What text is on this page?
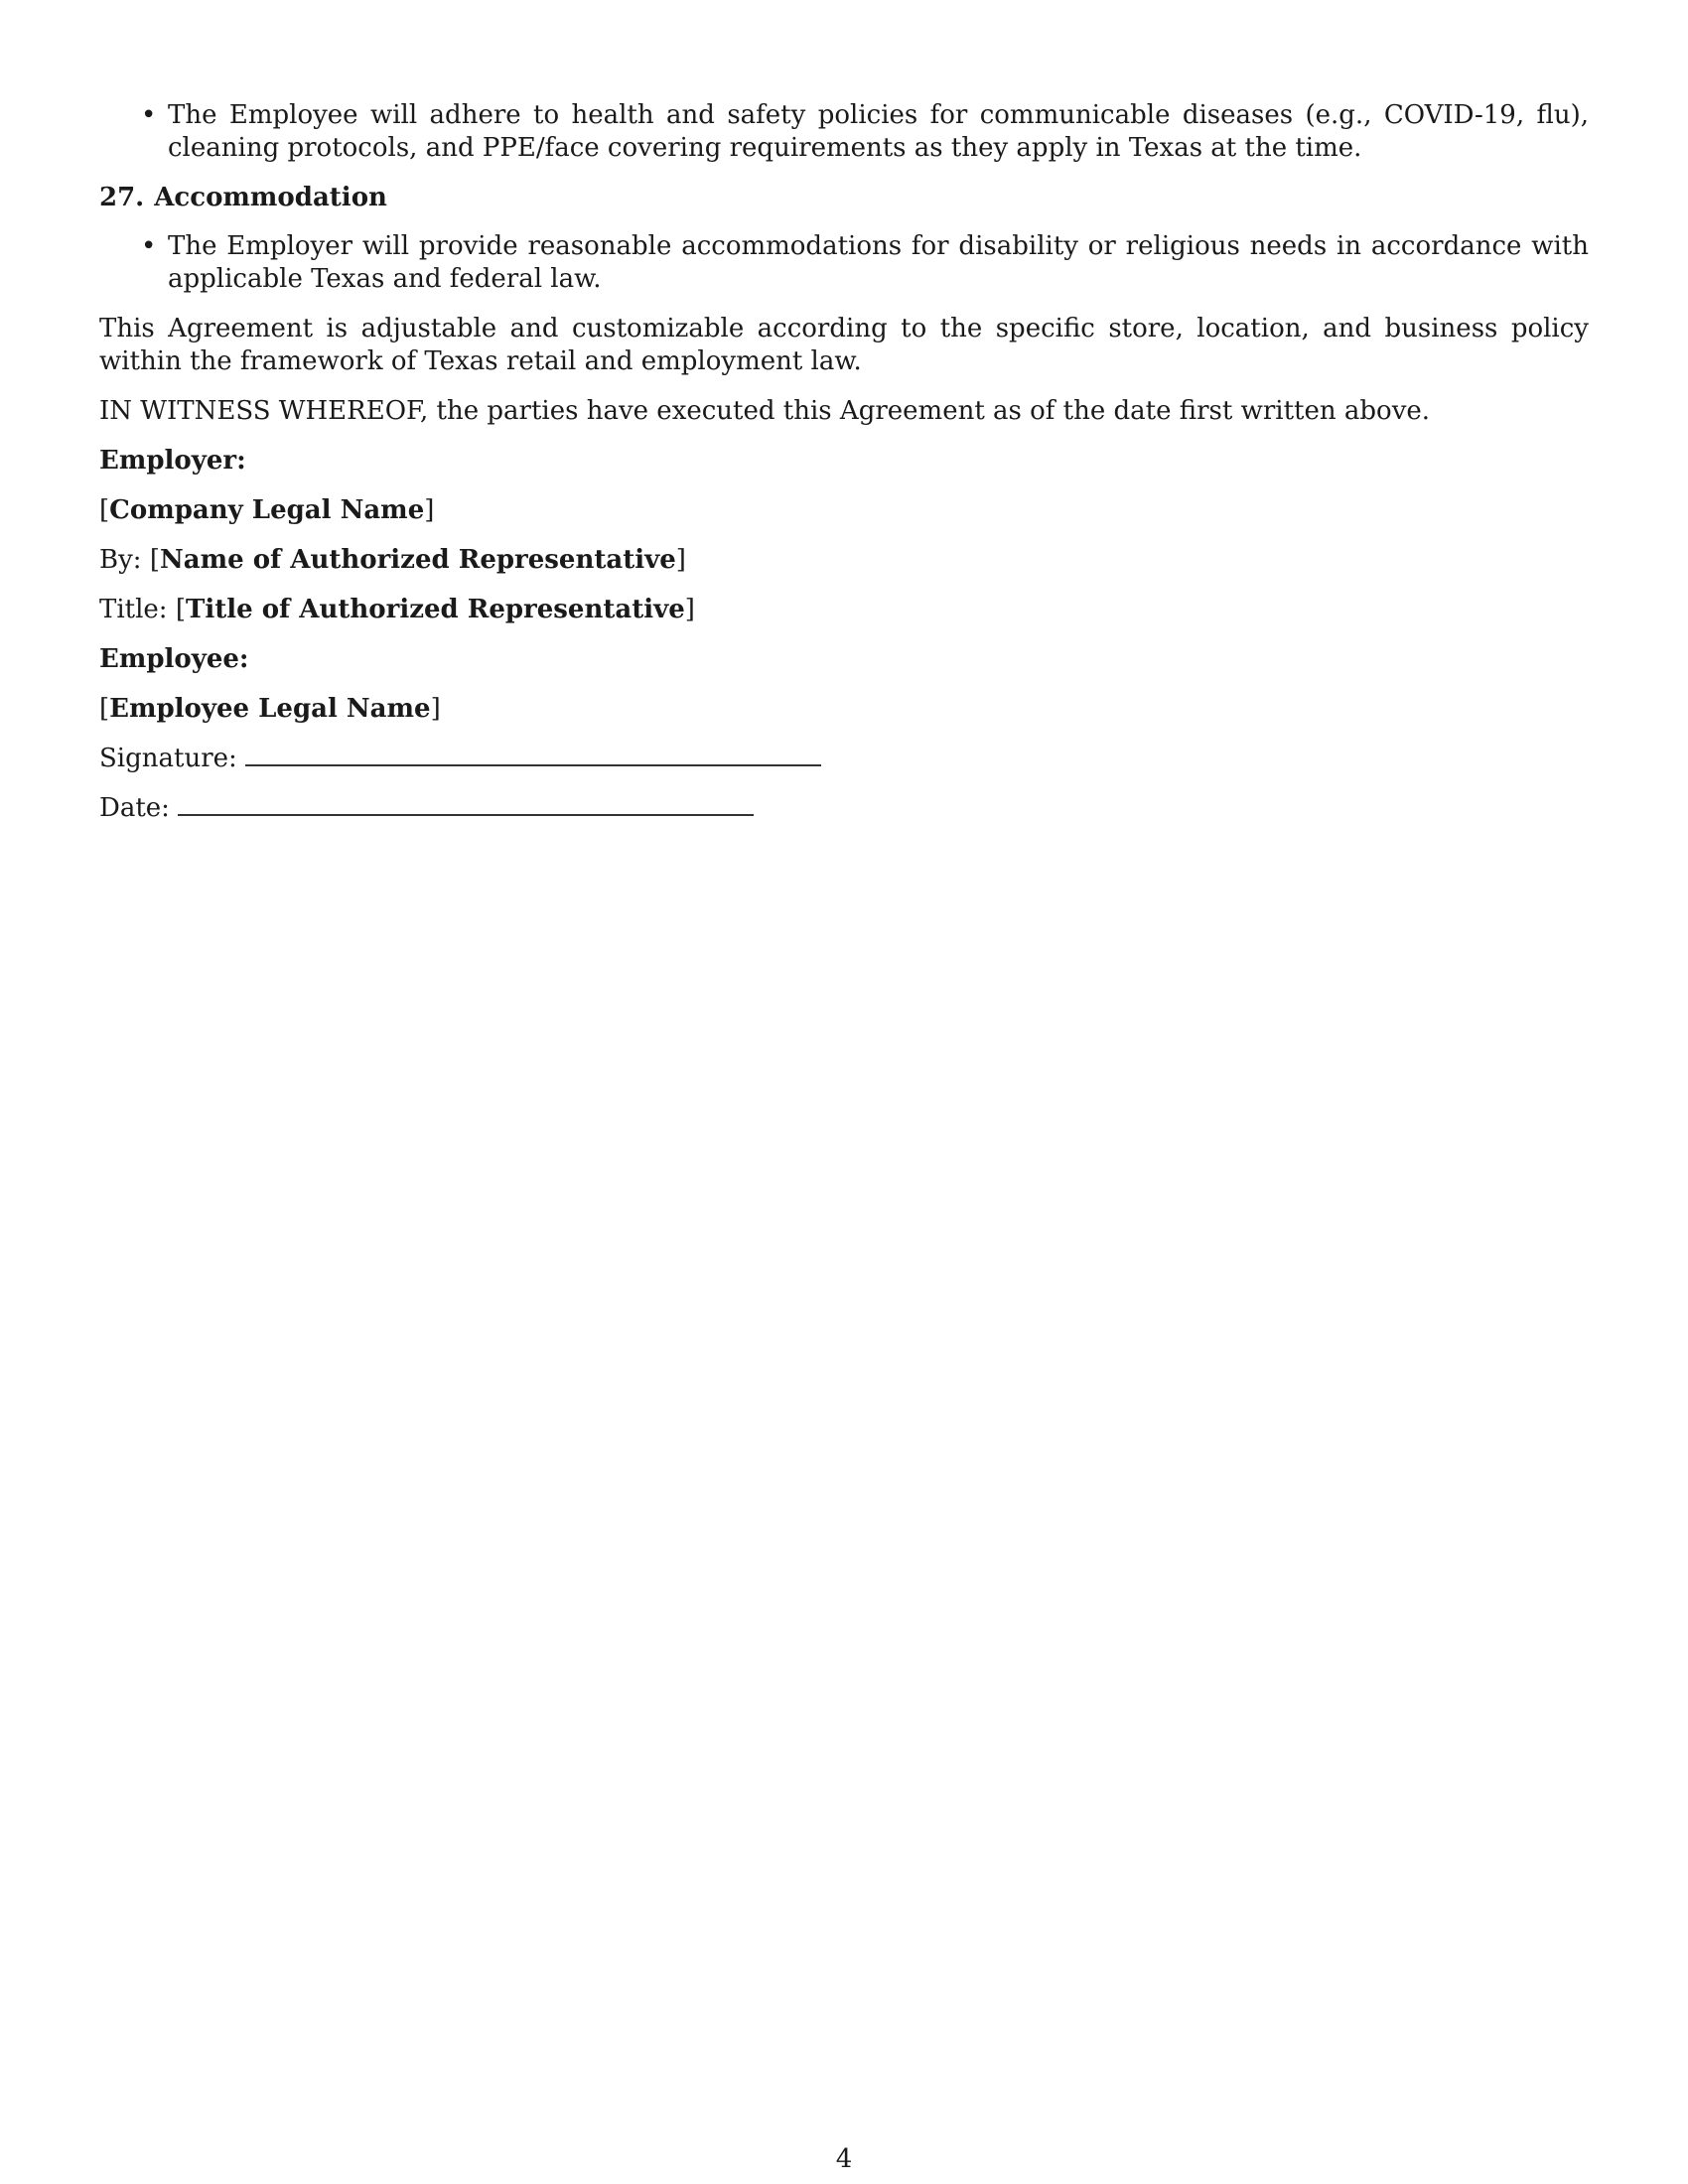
• The Employee will adhere to health and safety policies for communicable diseases (e.g., COVID-19, flu), cleaning protocols, and PPE/face covering requirements as they apply in Texas at the time.
27. Accommodation
• The Employer will provide reasonable accommodations for disability or religious needs in accordance with applicable Texas and federal law.

This Agreement is adjustable and customizable according to the specific store, location, and business policy within the framework of Texas retail and employment law.

IN WITNESS WHEREOF, the parties have executed this Agreement as of the date first written above.

Employer:

[Company Legal Name]

By: [Name of Authorized Representative]

Title: [Title of Authorized Representative]

Employee:

[Employee Legal Name]

Signature:

Date:

4
